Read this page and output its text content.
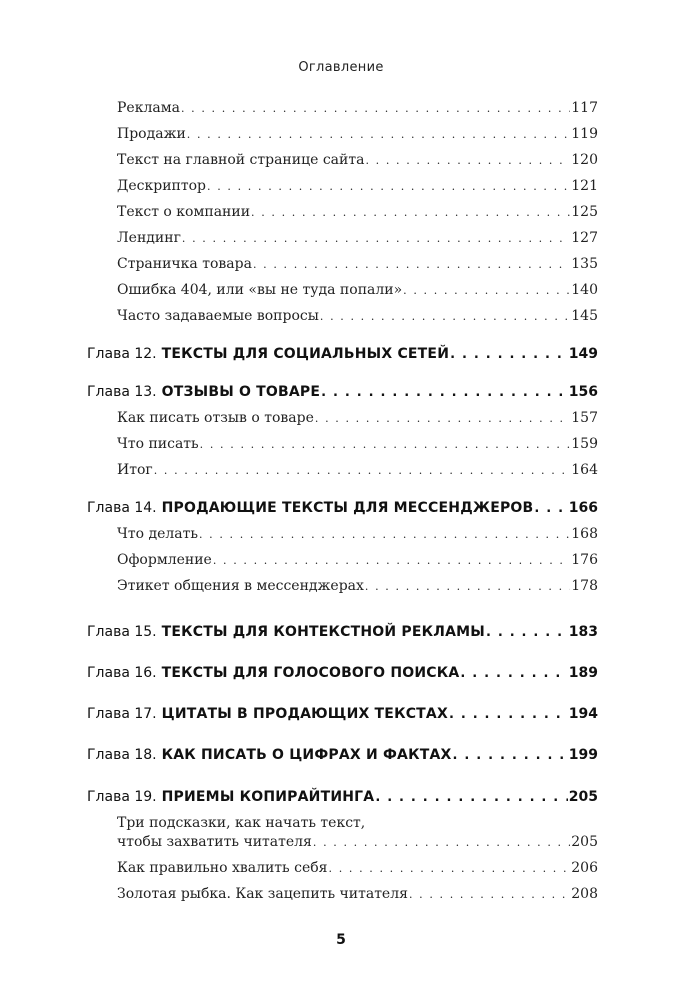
Оглавление
Реклама . . .	117
Продажи . . .	119
Текст на главной странице сайта . . .	120
Дескриптор . . .	121
Текст о компании . . .	125
Лендинг . . .	127
Страничка товара . . .	135
Ошибка 404, или «вы не туда попали» . . .	140
Часто задаваемые вопросы . . .	145
Глава 12. ТЕКСТЫ ДЛЯ СОЦИАЛЬНЫХ СЕТЕЙ . . .	149
Глава 13. ОТЗЫВЫ О ТОВАРЕ . . .	156
Как писать отзыв о товаре . . .	157
Что писать . . .	159
Итог . . .	164
Глава 14. ПРОДАЮЩИЕ ТЕКСТЫ ДЛЯ МЕССЕНДЖЕРОВ . . .	166
Что делать . . .	168
Оформление . . .	176
Этикет общения в мессенджерах . . .	178
Глава 15. ТЕКСТЫ ДЛЯ КОНТЕКСТНОЙ РЕКЛАМЫ . . .	183
Глава 16. ТЕКСТЫ ДЛЯ ГОЛОСОВОГО ПОИСКА . . .	189
Глава 17. ЦИТАТЫ В ПРОДАЮЩИХ ТЕКСТАХ . . .	194
Глава 18. КАК ПИСАТЬ О ЦИФРАХ И ФАКТАХ . . .	199
Глава 19. ПРИЕМЫ КОПИРАЙТИНГА . . .	205
Три подсказки, как начать текст,
чтобы захватить читателя . . .	205
Как правильно хвалить себя . . .	206
Золотая рыбка. Как зацепить читателя . . .	208
5
